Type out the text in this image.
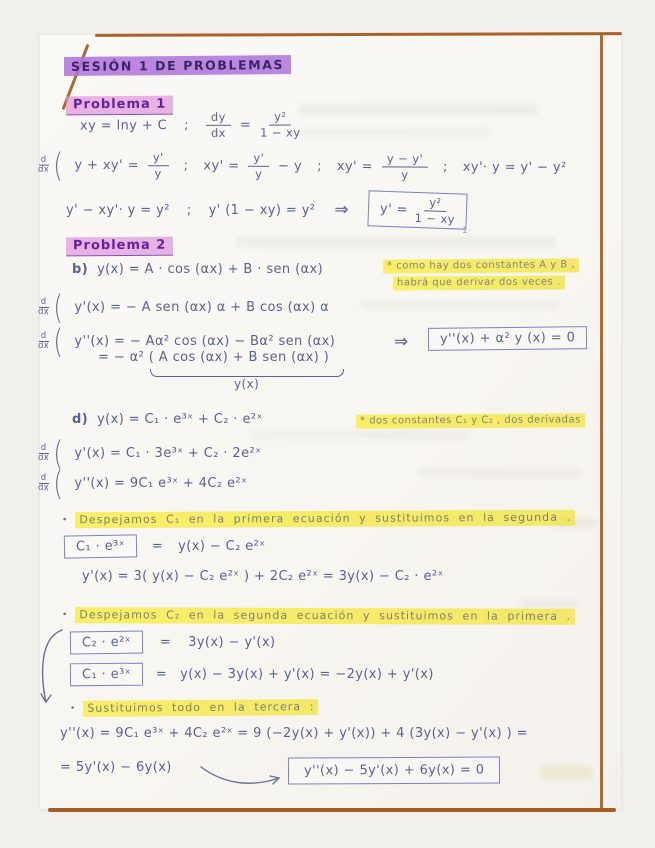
SESIÓN 1 DE PROBLEMAS
Problema 1
xy = lny + C ; $\frac{dy}{dx} = \frac{\text{y²}}{1 - xy}$
d
dx ( $y + xy' = \frac{y'}{y}$ ; $xy' = \frac{y'}{y} - y$ ; $xy' = \frac{y - y'}{y}$ ; xy'· y = y' − y²
y' − xy'· y = y² ; y' (1 − xy) = y² ⇒ $y' = \frac{\text{y²}}{1 - xy}$
1·
Problema 2
b) y(x) = A · cos (αx) + B · sen (αx)	* como hay dos constantes A y B ,
habrá que derivar dos veces .
d
dx ( y'(x) = − A sen (αx) α + B cos (αx) α
d
dx ( y''(x) = − Aα² cos (αx) − Bα² sen (αx)	⇒ y''(x) + α² y (x) = 0
= − α² ( A cos (αx) + B sen (αx) )
y(x)
d) y(x) = C₁ · e³ˣ + C₂ · e²ˣ	* dos constantes C₁ y C₂ , dos derivadas
d
dx ( y'(x) = C₁ · 3e³ˣ + C₂ · 2e²ˣ
d
dx ( y''(x) = 9C₁ e³ˣ + 4C₂ e²ˣ
• Despejamos C₁ en la primera ecuación y sustituimos en la segunda .
C₁ · e³ˣ = y(x) − C₂ e²ˣ
y'(x) = 3( y(x) − C₂ e²ˣ ) + 2C₂ e²ˣ = 3y(x) − C₂ · e²ˣ
• Despejamos C₂ en la segunda ecuación y sustituimos en la primera .
C₂ · e²ˣ = 3y(x) − y'(x)
C₁ · e³ˣ = y(x) − 3y(x) + y'(x) = −2y(x) + y'(x)
• Sustituimos todo en la tercera :
y''(x) = 9C₁ e³ˣ + 4C₂ e²ˣ = 9 (−2y(x) + y'(x)) + 4 (3y(x) − y'(x) ) =
= 5y'(x) − 6y(x)	y''(x) − 5y'(x) + 6y(x) = 0
